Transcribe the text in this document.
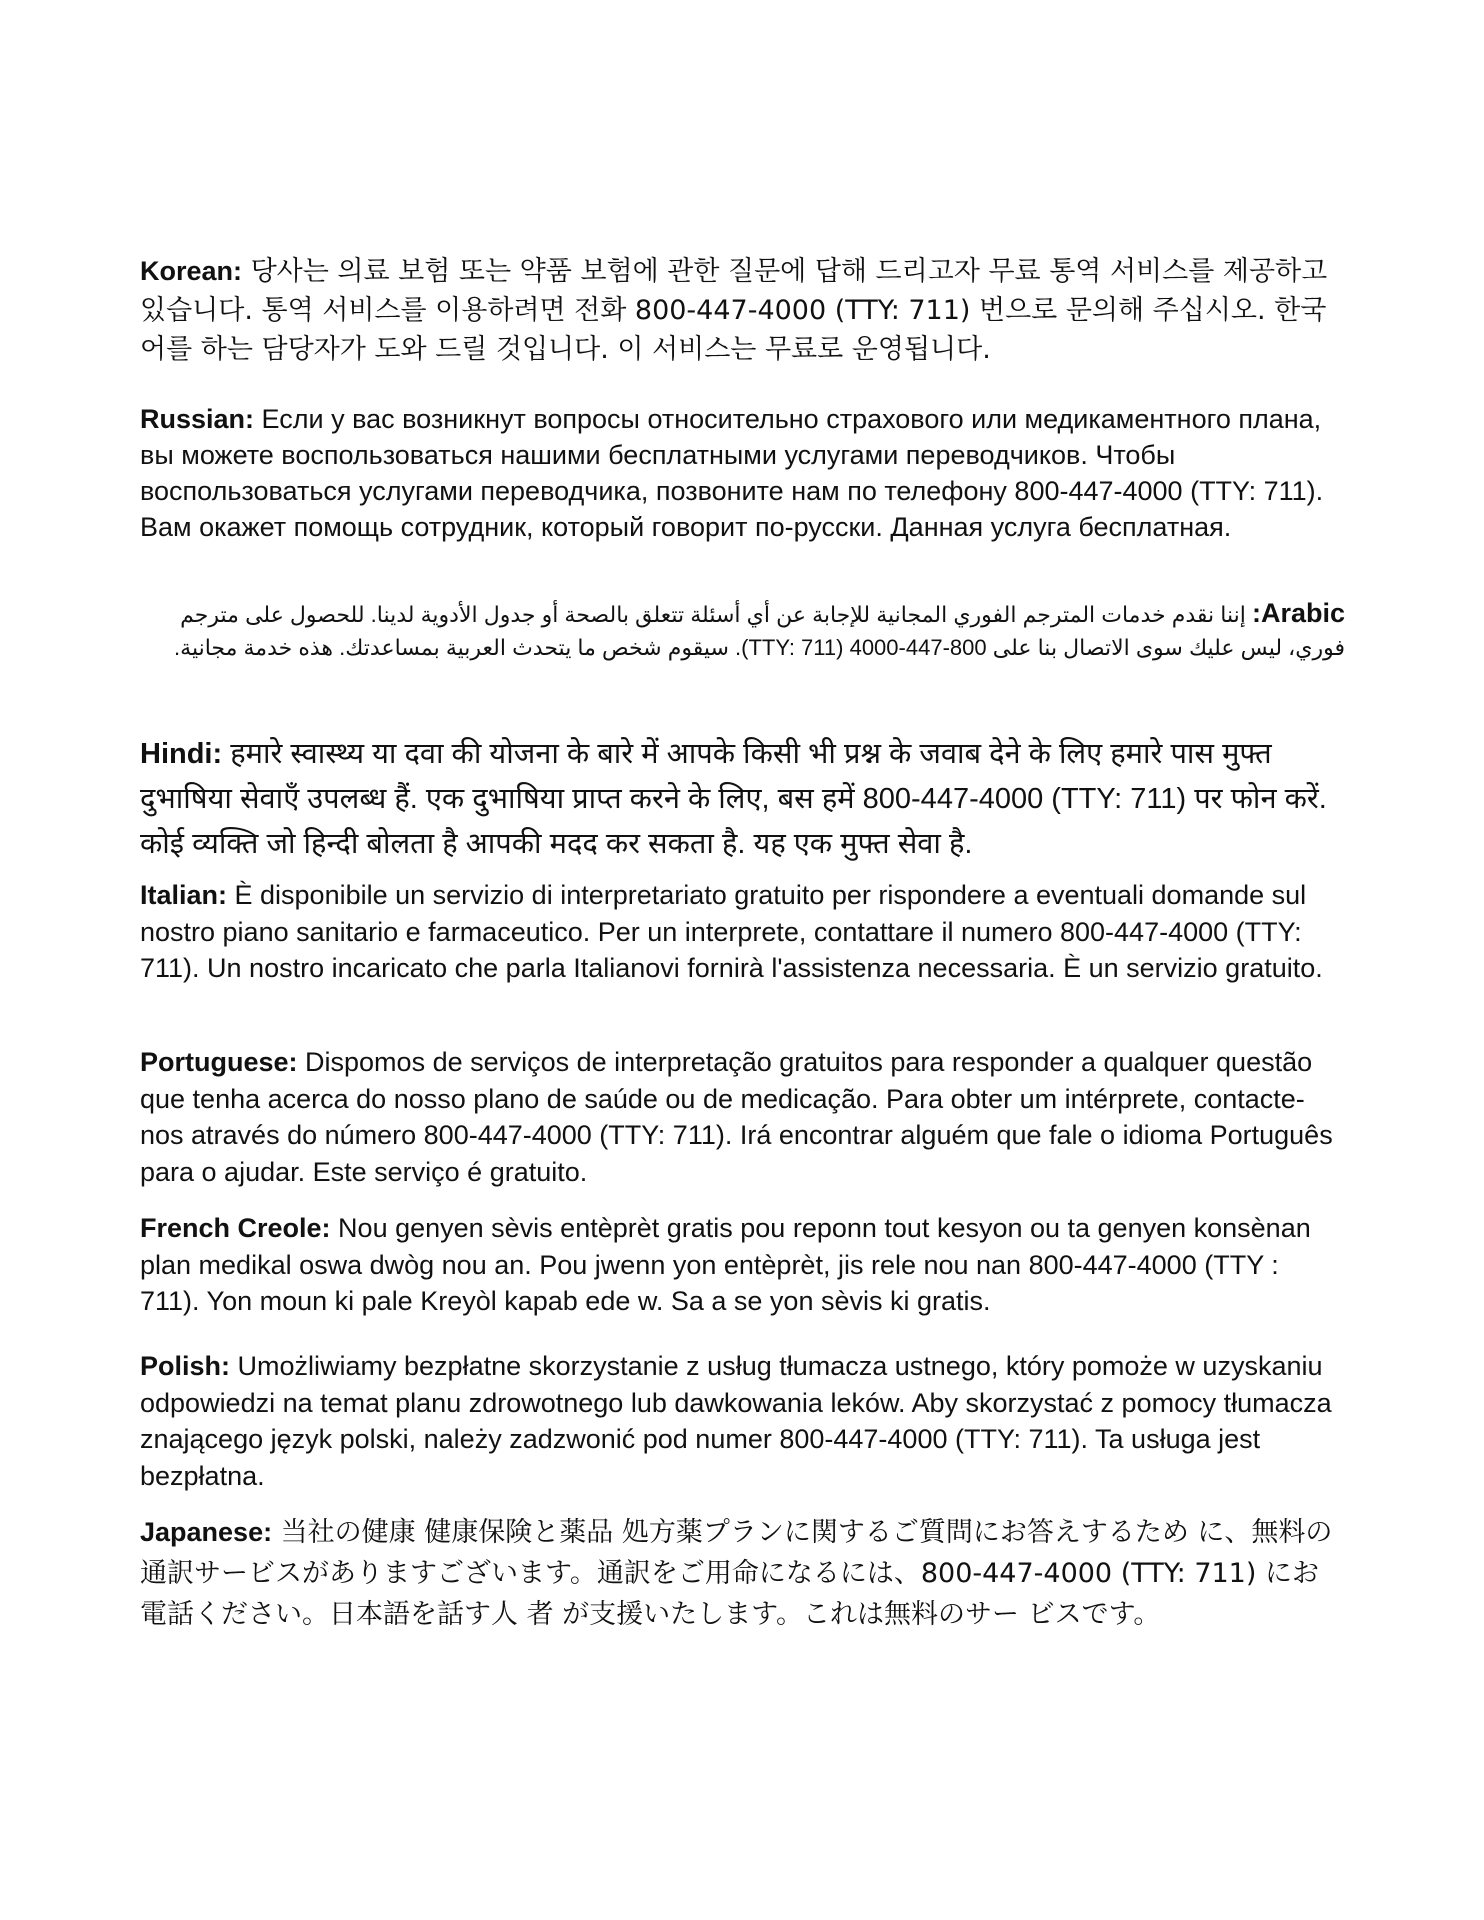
Korean: 당사는 의료 보험 또는 약품 보험에 관한 질문에 답해 드리고자 무료 통역 서비스를 제공하고 있습니다. 통역 서비스를 이용하려면 전화 800-447-4000 (TTY: 711) 번으로 문의해 주십시오. 한국어를 하는 담당자가 도와 드릴 것입니다. 이 서비스는 무료로 운영됩니다.

Russian: Если у вас возникнут вопросы относительно страхового или медикаментного плана, вы можете воспользоваться нашими бесплатными услугами переводчиков. Чтобы воспользоваться услугами переводчика, позвоните нам по телефону 800-447-4000 (TTY: 711). Вам окажет помощь сотрудник, который говорит по-русски. Данная услуга бесплатная.

Arabic: إننا نقدم خدمات المترجم الفوري المجانية للإجابة عن أي أسئلة تتعلق بالصحة أو جدول الأدوية لدينا. للحصول على مترجم فوري، ليس عليك سوى الاتصال بنا على 800-447-4000 (TTY: 711). سيقوم شخص ما يتحدث العربية بمساعدتك. هذه خدمة مجانية.

Hindi: हमारे स्वास्थ्य या दवा की योजना के बारे में आपके किसी भी प्रश्न के जवाब देने के लिए हमारे पास मुफ्त दुभाषिया सेवाएँ उपलब्ध हैं. एक दुभाषिया प्राप्त करने के लिए, बस हमें 800-447-4000 (TTY: 711) पर फोन करें. कोई व्यक्ति जो हिन्दी बोलता है आपकी मदद कर सकता है. यह एक मुफ्त सेवा है.

Italian: È disponibile un servizio di interpretariato gratuito per rispondere a eventuali domande sul nostro piano sanitario e farmaceutico. Per un interprete, contattare il numero 800-447-4000 (TTY: 711). Un nostro incaricato che parla Italianovi fornirà l'assistenza necessaria. È un servizio gratuito.

Portuguese: Dispomos de serviços de interpretação gratuitos para responder a qualquer questão que tenha acerca do nosso plano de saúde ou de medicação. Para obter um intérprete, contacte-nos através do número 800-447-4000 (TTY: 711). Irá encontrar alguém que fale o idioma Português para o ajudar. Este serviço é gratuito.

French Creole: Nou genyen sèvis entèprèt gratis pou reponn tout kesyon ou ta genyen konsènan plan medikal oswa dwòg nou an. Pou jwenn yon entèprèt, jis rele nou nan 800-447-4000 (TTY : 711). Yon moun ki pale Kreyòl kapab ede w. Sa a se yon sèvis ki gratis.

Polish: Umożliwiamy bezpłatne skorzystanie z usług tłumacza ustnego, który pomoże w uzyskaniu odpowiedzi na temat planu zdrowotnego lub dawkowania leków. Aby skorzystać z pomocy tłumacza znającego język polski, należy zadzwonić pod numer 800-447-4000 (TTY: 711). Ta usługa jest bezpłatna.

Japanese: 当社の健康 健康保険と薬品 処方薬プランに関するご質問にお答えするため に、無料の通訳サービスがありますございます。通訳をご用命になるには、800-447-4000 (TTY: 711) にお電話ください。日本語を話す人 者 が支援いたします。これは無料のサー ビスです。
